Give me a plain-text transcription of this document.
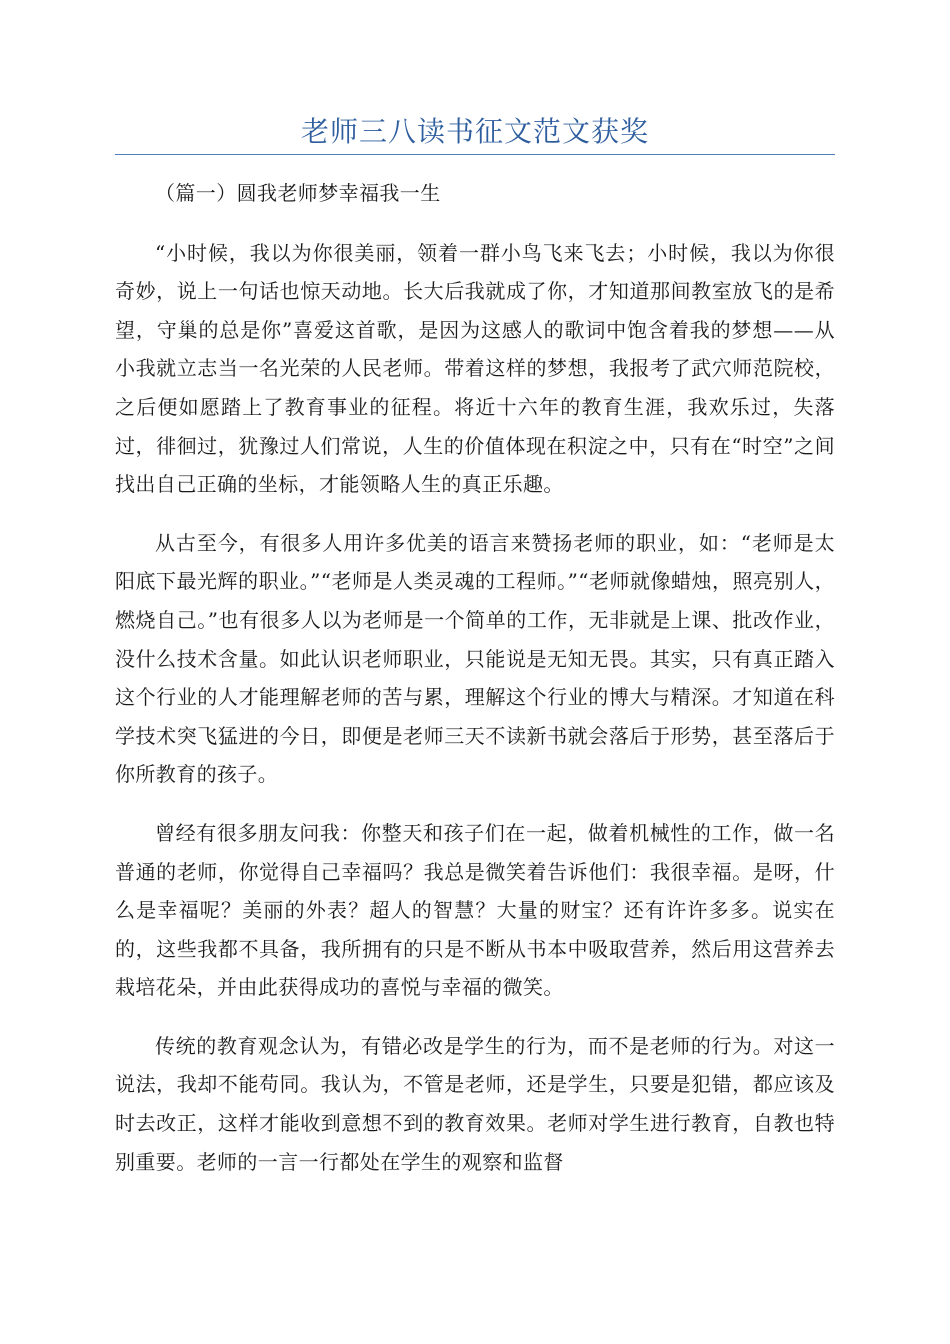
老师三八读书征文范文获奖

（篇一）圆我老师梦幸福我一生

“小时候，我以为你很美丽，领着一群小鸟飞来飞去；小时候，我以为你很奇妙，说上一句话也惊天动地。长大后我就成了你，才知道那间教室放飞的是希望，守巢的总是你”喜爱这首歌，是因为这感人的歌词中饱含着我的梦想——从小我就立志当一名光荣的人民老师。带着这样的梦想，我报考了武穴师范院校，之后便如愿踏上了教育事业的征程。将近十六年的教育生涯，我欢乐过，失落过，徘徊过，犹豫过人们常说，人生的价值体现在积淀之中，只有在“时空”之间找出自己正确的坐标，才能领略人生的真正乐趣。

从古至今，有很多人用许多优美的语言来赞扬老师的职业，如：“老师是太阳底下最光辉的职业。”“老师是人类灵魂的工程师。”“老师就像蜡烛，照亮别人，燃烧自己。”也有很多人以为老师是一个简单的工作，无非就是上课、批改作业，没什么技术含量。如此认识老师职业，只能说是无知无畏。其实，只有真正踏入这个行业的人才能理解老师的苦与累，理解这个行业的博大与精深。才知道在科学技术突飞猛进的今日，即便是老师三天不读新书就会落后于形势，甚至落后于你所教育的孩子。

曾经有很多朋友问我：你整天和孩子们在一起，做着机械性的工作，做一名普通的老师，你觉得自己幸福吗？我总是微笑着告诉他们：我很幸福。是呀，什么是幸福呢？美丽的外表？超人的智慧？大量的财宝？还有许许多多。说实在的，这些我都不具备，我所拥有的只是不断从书本中吸取营养，然后用这营养去栽培花朵，并由此获得成功的喜悦与幸福的微笑。

传统的教育观念认为，有错必改是学生的行为，而不是老师的行为。对这一说法，我却不能苟同。我认为，不管是老师，还是学生，只要是犯错，都应该及时去改正，这样才能收到意想不到的教育效果。老师对学生进行教育，自教也特别重要。老师的一言一行都处在学生的观察和监督
